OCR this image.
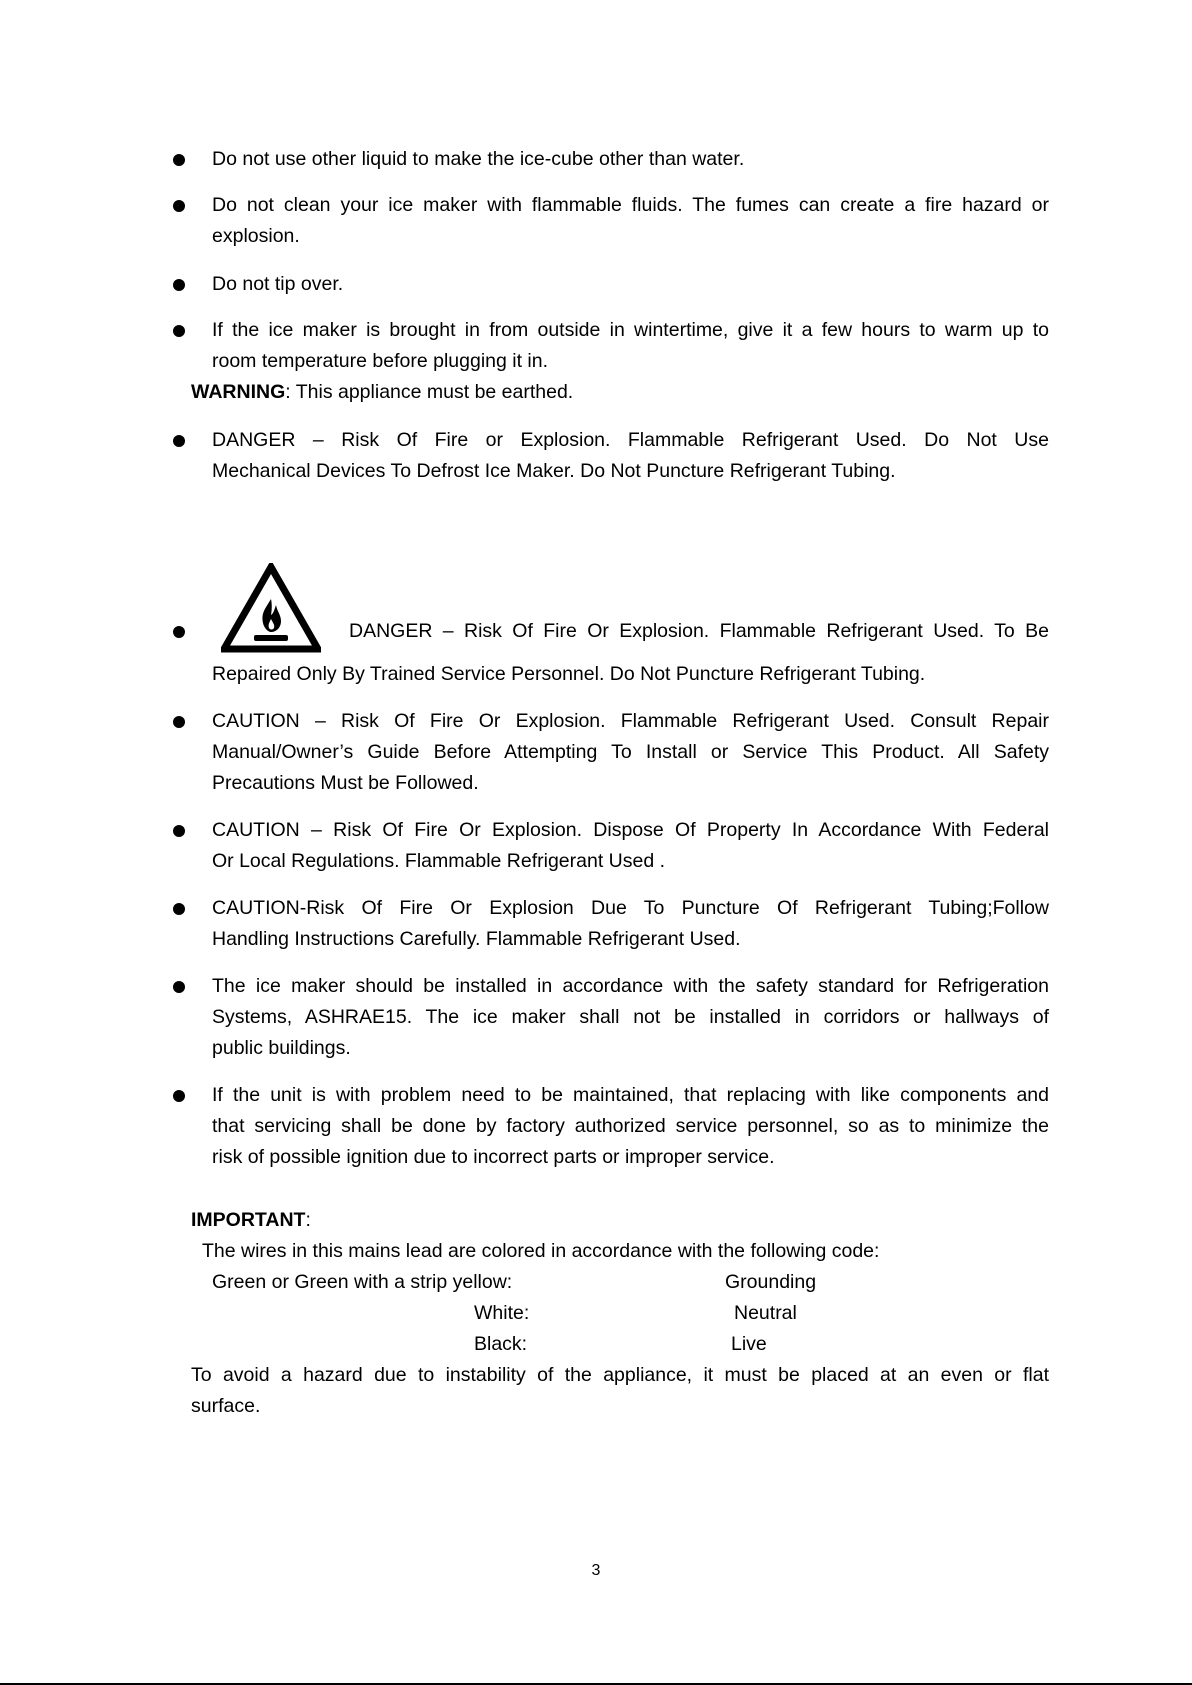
Do not use other liquid to make the ice-cube other than water.
Do not clean your ice maker with flammable fluids. The fumes can create a fire hazard or
explosion.
Do not tip over.
If the ice maker is brought in from outside in wintertime, give it a few hours to warm up to
room temperature before plugging it in.
WARNING: This appliance must be earthed.
DANGER – Risk Of Fire or Explosion. Flammable Refrigerant Used. Do Not Use
Mechanical Devices To Defrost Ice Maker. Do Not Puncture Refrigerant Tubing.
DANGER – Risk Of Fire Or Explosion. Flammable Refrigerant Used. To Be
Repaired Only By Trained Service Personnel. Do Not Puncture Refrigerant Tubing.
CAUTION – Risk Of Fire Or Explosion. Flammable Refrigerant Used. Consult Repair
Manual/Owner’s Guide Before Attempting To Install or Service This Product. All Safety
Precautions Must be Followed.
CAUTION – Risk Of Fire Or Explosion. Dispose Of Property In Accordance With Federal
Or Local Regulations. Flammable Refrigerant Used .
CAUTION-Risk Of Fire Or Explosion Due To Puncture Of Refrigerant Tubing;Follow
Handling Instructions Carefully. Flammable Refrigerant Used.
The ice maker should be installed in accordance with the safety standard for Refrigeration
Systems, ASHRAE15. The ice maker shall not be installed in corridors or hallways of
public buildings.
If the unit is with problem need to be maintained, that replacing with like components and
that servicing shall be done by factory authorized service personnel, so as to minimize the
risk of possible ignition due to incorrect parts or improper service.
IMPORTANT:
The wires in this mains lead are colored in accordance with the following code:
Green or Green with a strip yellow:	Grounding
White:	Neutral
Black:	Live
To avoid a hazard due to instability of the appliance, it must be placed at an even or flat
surface.
3
